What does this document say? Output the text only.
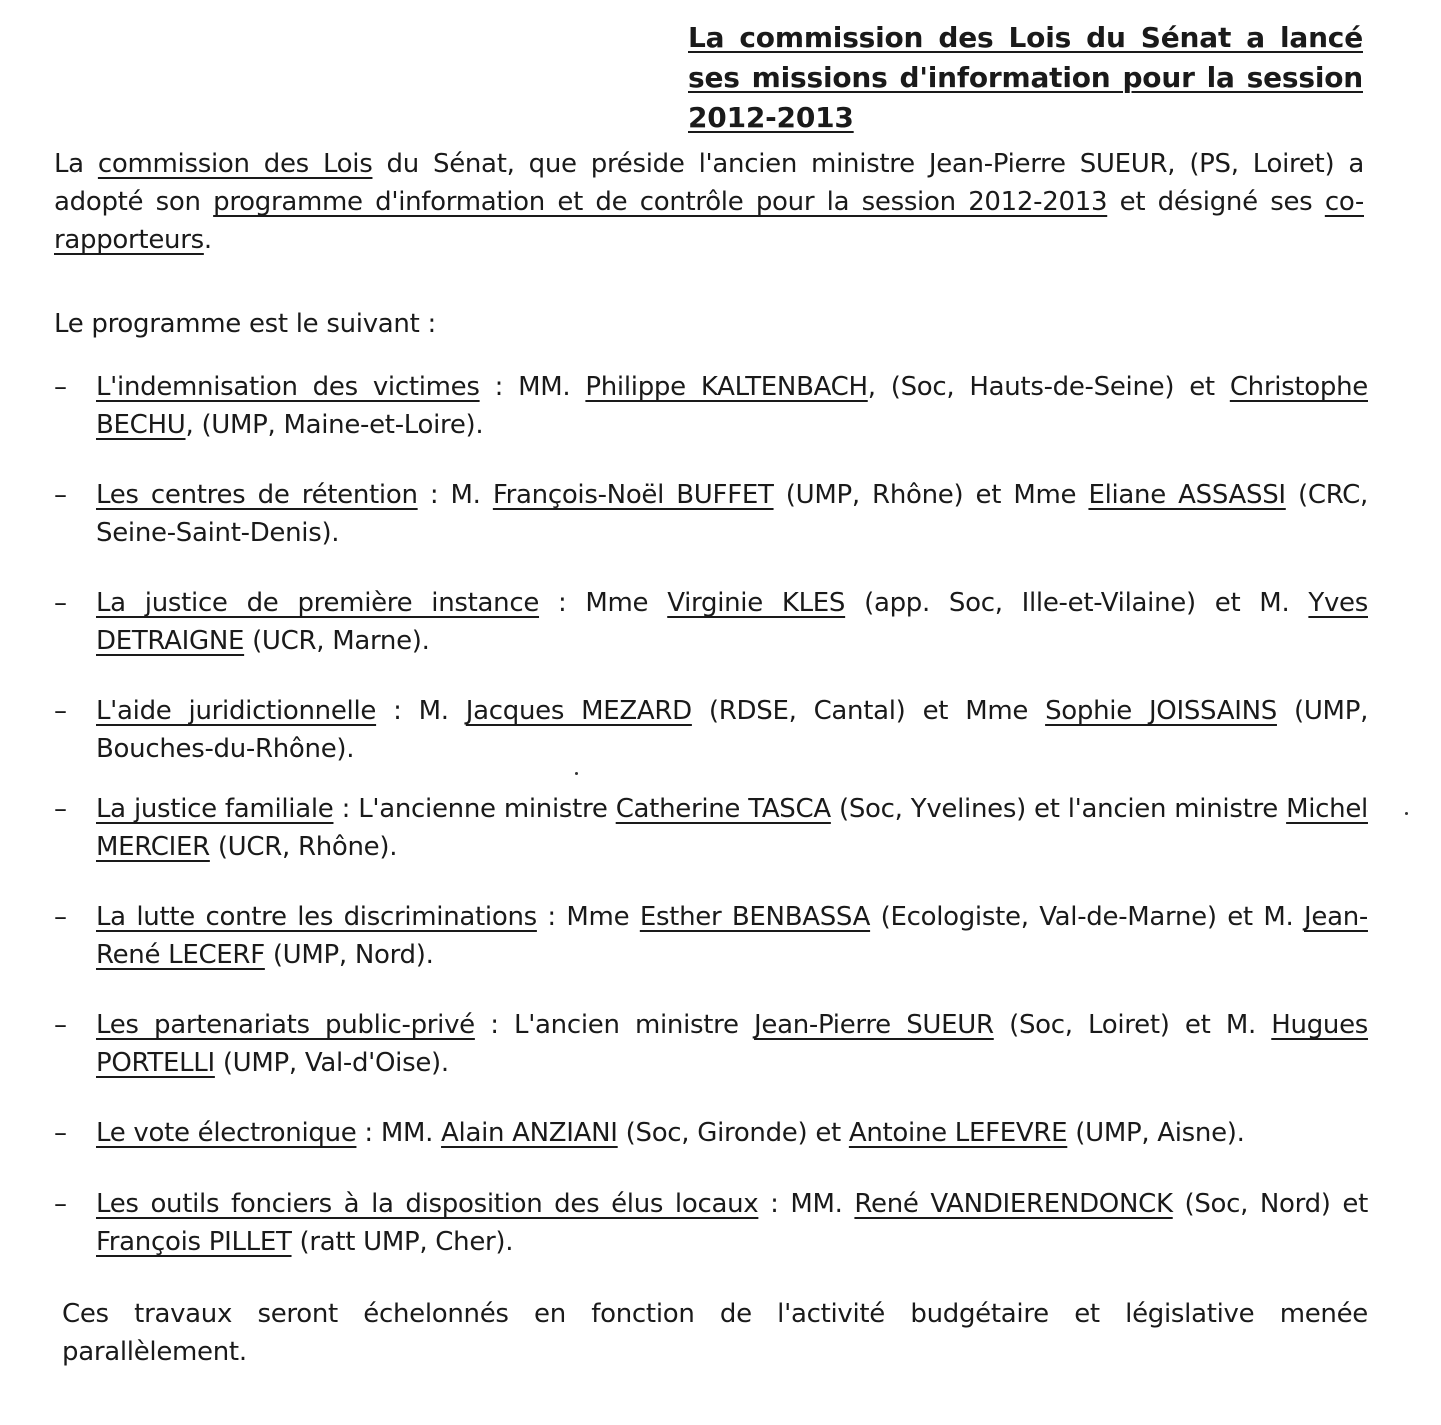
La commission des Lois du Sénat a lancé ses missions d'information pour la session 2012-2013

La commission des Lois du Sénat, que préside l'ancien ministre Jean-Pierre SUEUR, (PS, Loiret) a adopté son programme d'information et de contrôle pour la session 2012-2013 et désigné ses co-rapporteurs.

Le programme est le suivant :

– L'indemnisation des victimes : MM. Philippe KALTENBACH, (Soc, Hauts-de-Seine) et Christophe BECHU, (UMP, Maine-et-Loire).
– Les centres de rétention : M. François-Noël BUFFET (UMP, Rhône) et Mme Eliane ASSASSI (CRC, Seine-Saint-Denis).
– La justice de première instance : Mme Virginie KLES (app. Soc, Ille-et-Vilaine) et M. Yves DETRAIGNE (UCR, Marne).
– L'aide juridictionnelle : M. Jacques MEZARD (RDSE, Cantal) et Mme Sophie JOISSAINS (UMP, Bouches-du-Rhône).
– La justice familiale : L'ancienne ministre Catherine TASCA (Soc, Yvelines) et l'ancien ministre Michel MERCIER (UCR, Rhône).
– La lutte contre les discriminations : Mme Esther BENBASSA (Ecologiste, Val-de-Marne) et M. Jean-René LECERF (UMP, Nord).
– Les partenariats public-privé : L'ancien ministre Jean-Pierre SUEUR (Soc, Loiret) et M. Hugues PORTELLI (UMP, Val-d'Oise).
– Le vote électronique : MM. Alain ANZIANI (Soc, Gironde) et Antoine LEFEVRE (UMP, Aisne).
– Les outils fonciers à la disposition des élus locaux : MM. René VANDIERENDONCK (Soc, Nord) et François PILLET (ratt UMP, Cher).

Ces travaux seront échelonnés en fonction de l'activité budgétaire et législative menée parallèlement.
